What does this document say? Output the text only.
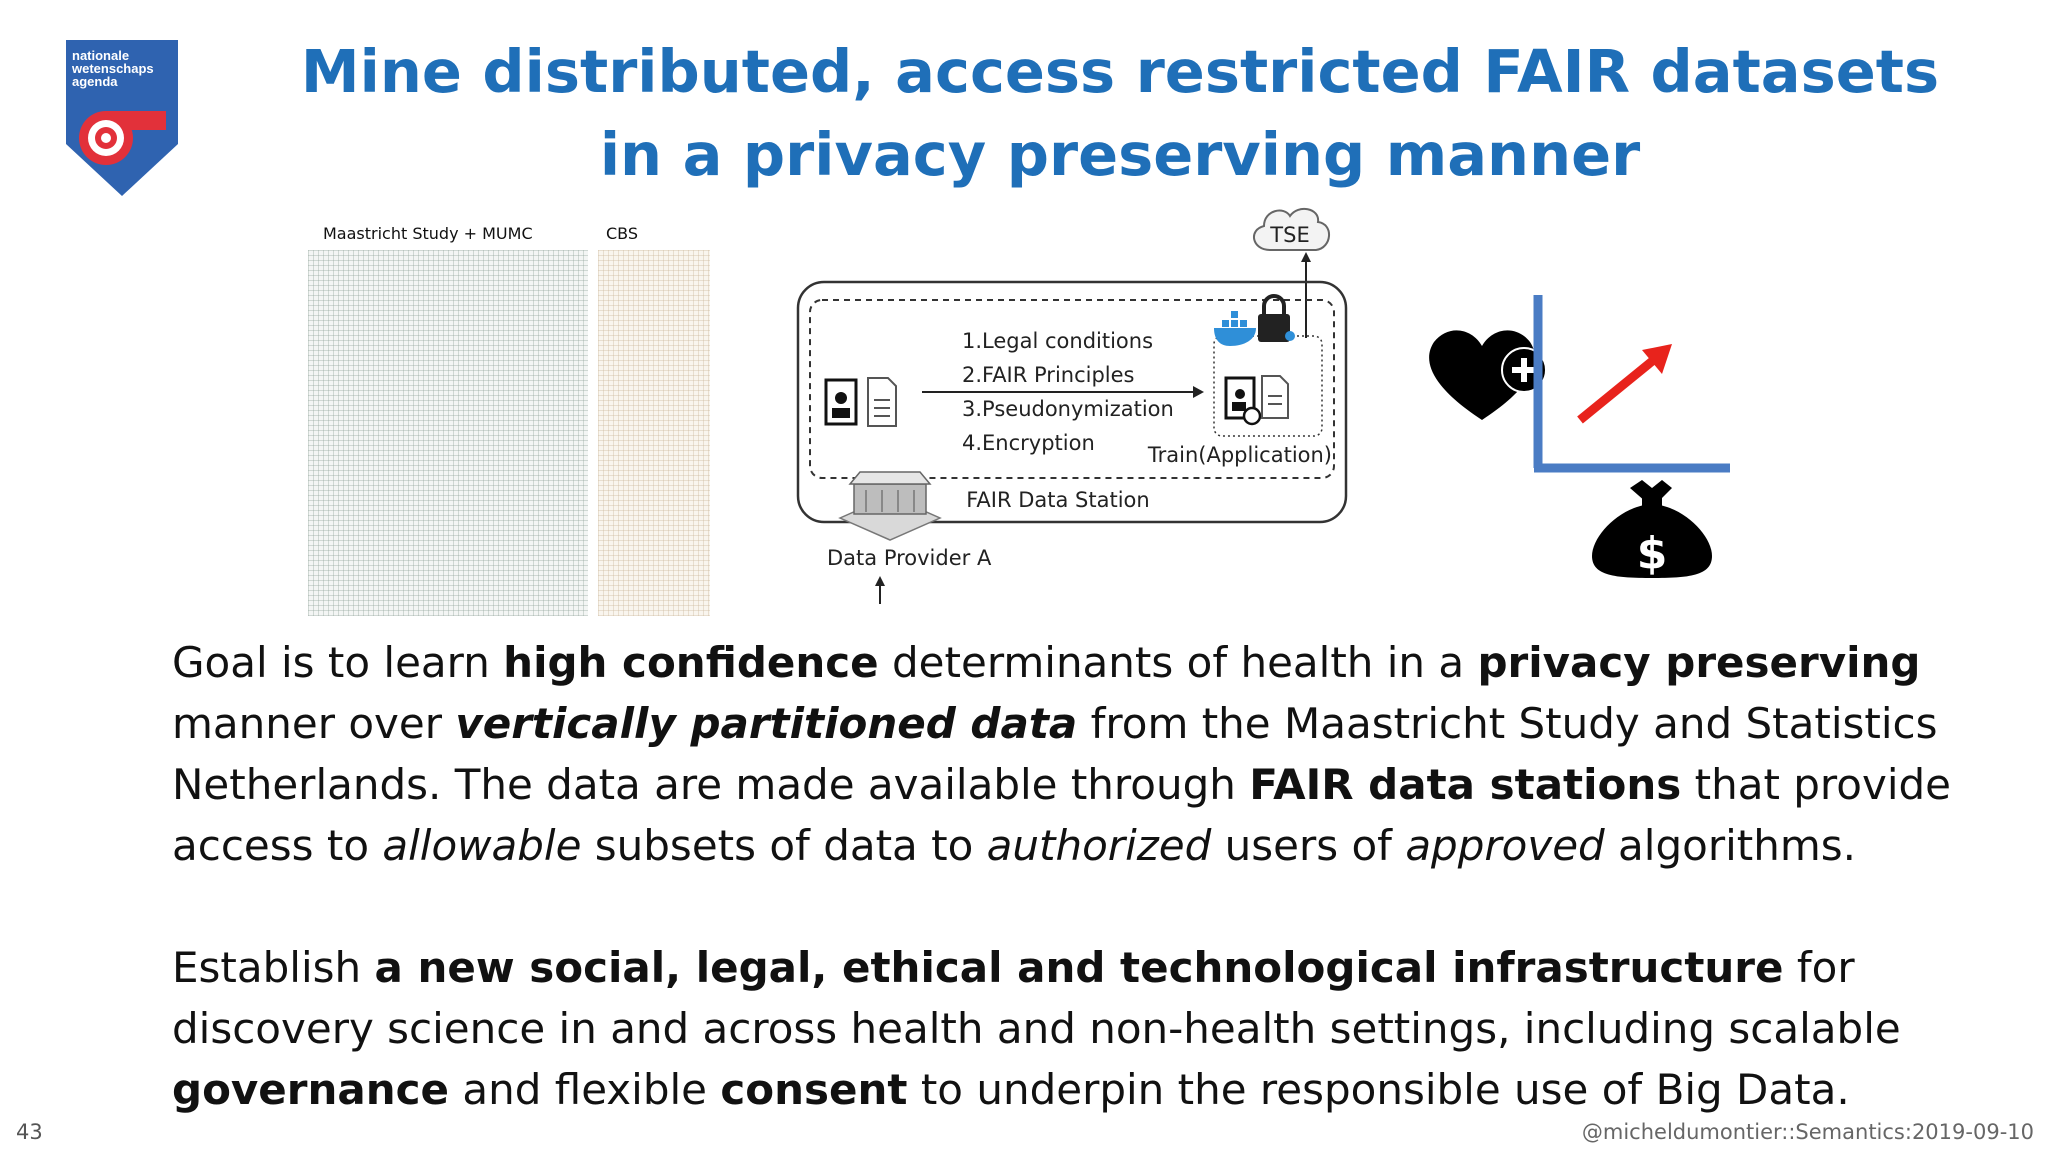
nationale
wetenschaps
agenda	Mine distributed, access restricted FAIR datasets
in a privacy preserving manner
Maastricht Study + MUMC	CBS	TSE
1.Legal conditions
2.FAIR Principles
3.Pseudonymization
4.Encryption	Train(Application)
FAIR Data Station
Data Provider A	$

Goal is to learn high confidence determinants of health in a privacy preserving manner over vertically partitioned data from the Maastricht Study and Statistics Netherlands. The data are made available through FAIR data stations that provide access to allowable subsets of data to authorized users of approved algorithms.

Establish a new social, legal, ethical and technological infrastructure for discovery science in and across health and non-health settings, including scalable governance and flexible consent to underpin the responsible use of Big Data.

43	@micheldumontier::Semantics:2019-09-10
